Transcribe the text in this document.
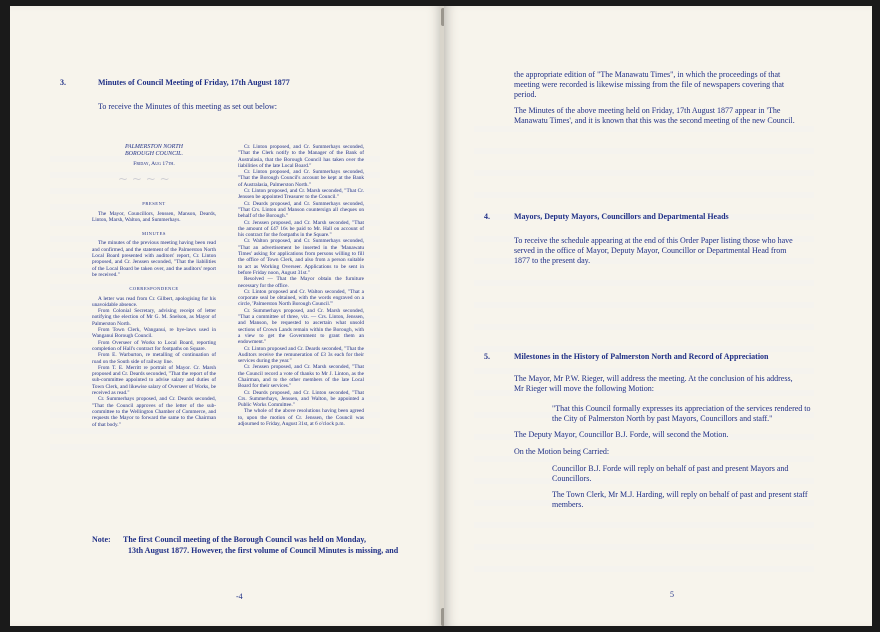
3.	Minutes of Council Meeting of Friday, 17th August 1877
To receive the Minutes of this meeting as set out below:

PALMERSTON NORTH

BOROUGH COUNCIL.

Friday, Aug 17th.

PRESENT

The Mayor, Councillors, Jenssen, Manson, Deards, Linton, Marsh, Walton, and Summerhays.

MINUTES

The minutes of the previous meeting having been read and confirmed, and the statement of the Palmerston North Local Board presented with auditors' report, Cr. Linton proposed, and Cr. Jenssen seconded, "That the liabilities of the Local Board be taken over, and the auditors' report be received."

CORRESPONDENCE

A letter was read from Cr. Gilbert, apologising for his unavoidable absence.

From Colonial Secretary, advising receipt of letter notifying the election of Mr G. M. Snelson, as Mayor of Palmerston North.

From Town Clerk, Wanganui, re bye-laws used in Wanganui Borough Council.

From Overseer of Works to Local Board, reporting completion of Hall's contract for footpaths on Square.

From E. Warburton, re metalling of continuation of road on the South side of railway line.

From T. E. Merritt re portrait of Mayor. Cr. Marsh proposed and Cr. Deards seconded, "That the report of the sub-committee appointed to advise salary and duties of Town Clerk, and likewise salary of Overseer of Works, be received as read."

Cr. Summerhays proposed, and Cr. Deards seconded, "That the Council approves of the letter of the sub-committee to the Wellington Chamber of Commerce, and requests the Mayor to forward the same to the Chairman of that body."

~ ~ ~ ~

Cr. Linton proposed, and Cr. Summerhays seconded, "That the Clerk notify to the Manager of the Bank of Australasia, that the Borough Council has taken over the liabilities of the late Local Board."

Cr. Linton proposed, and Cr. Summerhays seconded, "That the Borough Council's account be kept at the Bank of Australasia, Palmerston North."

Cr. Linton proposed, and Cr. Marsh seconded, "That Cr. Jenssen be appointed Treasurer to the Council."

Cr. Deards proposed, and Cr. Summerhays seconded, "That Crs. Linton and Manson countersign all cheques on behalf of the Borough."

Cr. Jenssen proposed, and Cr. Marsh seconded, "That the amount of £47 16s be paid to Mr. Hall on account of his contract for the footpaths in the Square."

Cr. Walton proposed, and Cr. Summerhays seconded, "That an advertisement be inserted in the 'Manawatu Times' asking for applications from persons willing to fill the office of Town Clerk, and also from a person suitable to act as Working Overseer. Applications to be sent in before Friday noon, August 31st."

Resolved — That the Mayor obtain the furniture necessary for the office.

Cr. Linton proposed and Cr. Walton seconded, "That a corporate seal be obtained, with the words engraved on a circle, 'Palmerston North Borough Council.'"

Cr. Summerhays proposed, and Cr. Marsh seconded, "That a committee of three, viz. — Crs. Linton, Jenssen, and Manson, be requested to ascertain what unsold sections of Crown Lands remain within the Borough, with a view to get the Government to grant them an endowment."

Cr. Linton proposed and Cr. Deards seconded, "That the Auditors receive the remuneration of £3 3s each for their services during the year."

Cr. Jenssen proposed, and Cr. Marsh seconded, "That the Council record a vote of thanks to Mr J. Linton, as the Chairman, and to the other members of the late Local Board for their services."

Cr. Deards proposed, and Cr. Linton seconded, "That Crs. Summerhays, Jenssen, and Walton, be appointed a Public Works Committee."

The whole of the above resolutions having been agreed to, upon the motion of Cr. Jenssen, the Council was adjourned to Friday, August 31st, at 6 o'clock p.m.

Note: The first Council meeting of the Borough Council was held on Monday,
13th August 1877. However, the first volume of Council Minutes is missing, and
-4
the appropriate edition of "The Manawatu Times", in which the proceedings of that
meeting were recorded is likewise missing from the file of newspapers covering that
period.
The Minutes of the above meeting held on Friday, 17th August 1877 appear in 'The
Manawatu Times', and it is known that this was the second meeting of the new Council.
4.	Mayors, Deputy Mayors, Councillors and Departmental Heads
To receive the schedule appearing at the end of this Order Paper listing those who have
served in the office of Mayor, Deputy Mayor, Councillor or Departmental Head from
1877 to the present day.
5.	Milestones in the History of Palmerston North and Record of Appreciation
The Mayor, Mr P.W. Rieger, will address the meeting. At the conclusion of his address,
Mr Rieger will move the following Motion:
"That this Council formally expresses its appreciation of the services rendered to
the City of Palmerston North by past Mayors, Councillors and staff."
The Deputy Mayor, Councillor B.J. Forde, will second the Motion.
On the Motion being Carried:
Councillor B.J. Forde will reply on behalf of past and present Mayors and
Councillors.
The Town Clerk, Mr M.J. Harding, will reply on behalf of past and present staff
members.
5
